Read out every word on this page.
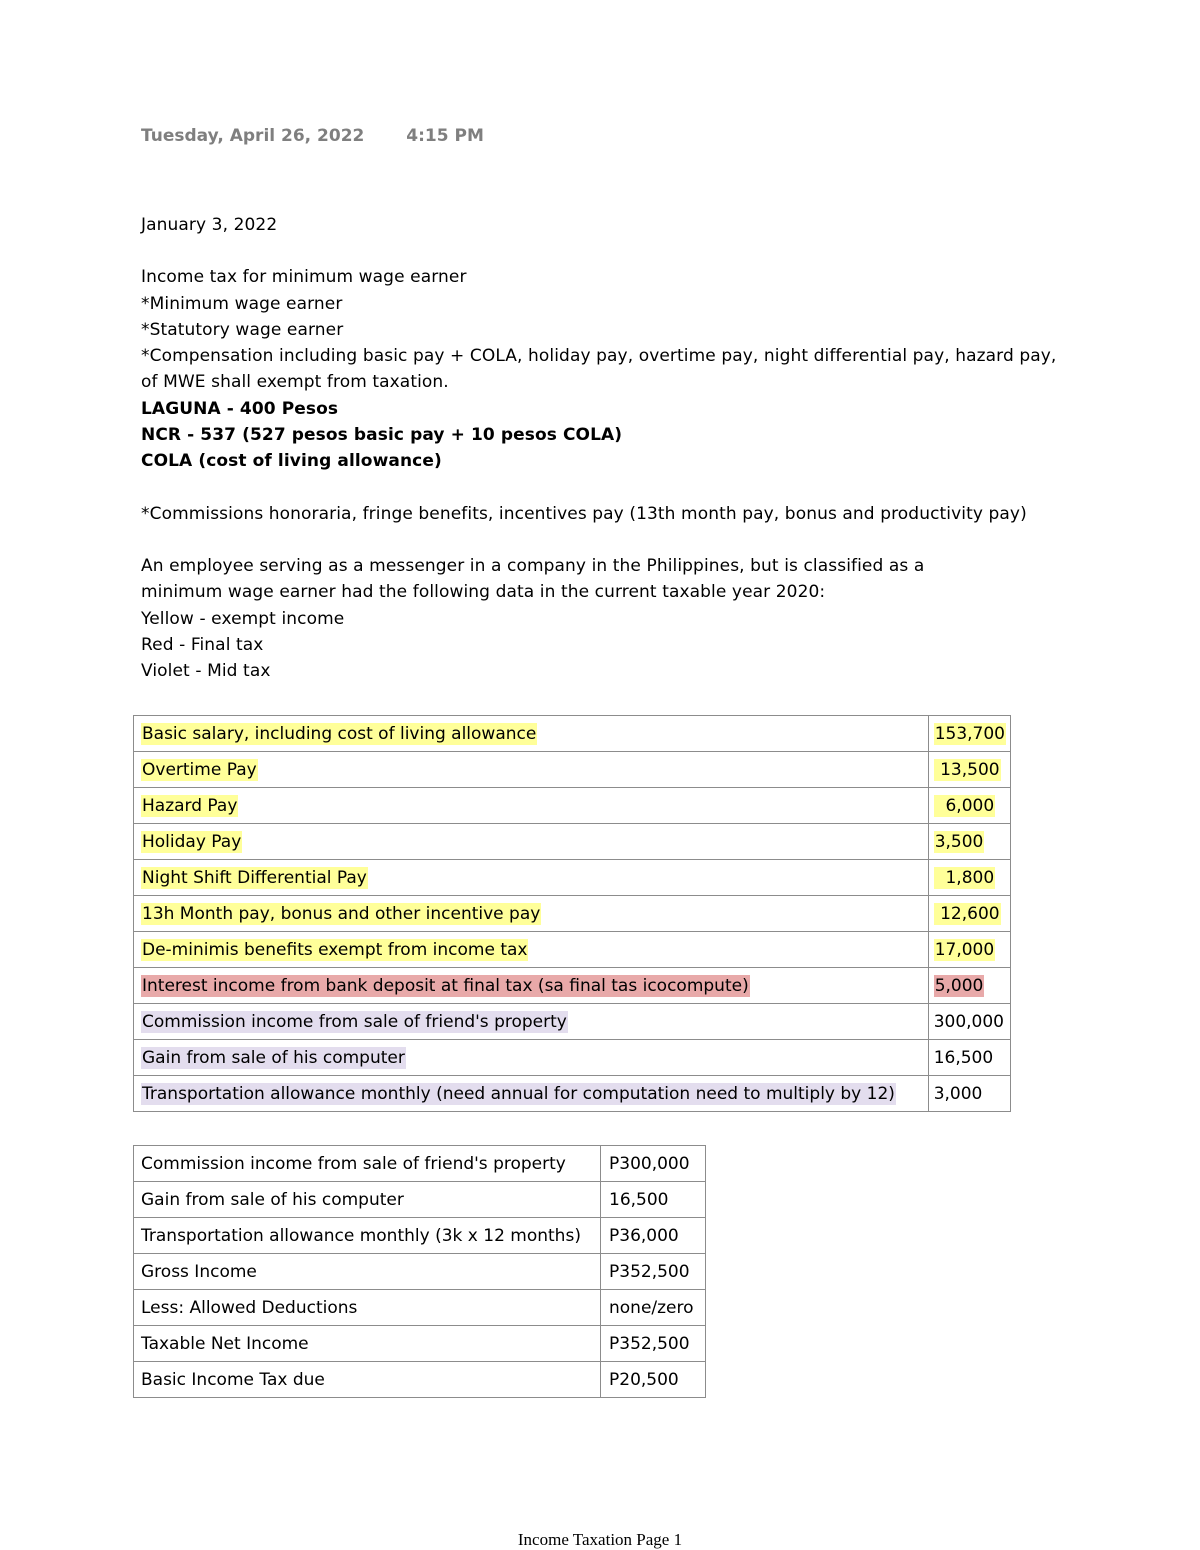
Tuesday, April 26, 2022 4:15 PM

January 3, 2022

Income tax for minimum wage earner

*Minimum wage earner

*Statutory wage earner

*Compensation including basic pay + COLA, holiday pay, overtime pay, night differential pay, hazard pay,

of MWE shall exempt from taxation.

LAGUNA - 400 Pesos

NCR - 537 (527 pesos basic pay + 10 pesos COLA)

COLA (cost of living allowance)

*Commissions honoraria, fringe benefits, incentives pay (13th month pay, bonus and productivity pay)

An employee serving as a messenger in a company in the Philippines, but is classified as a

minimum wage earner had the following data in the current taxable year 2020:

Yellow - exempt income

Red - Final tax

Violet - Mid tax

Basic salary, including cost of living allowance	153,700
Overtime Pay	13,500
Hazard Pay	6,000
Holiday Pay	3,500
Night Shift Differential Pay	1,800
13h Month pay, bonus and other incentive pay	12,600
De-minimis benefits exempt from income tax	17,000
Interest income from bank deposit at final tax (sa final tas icocompute)	5,000
Commission income from sale of friend's property	300,000
Gain from sale of his computer	16,500
Transportation allowance monthly (need annual for computation need to multiply by 12)	3,000
Commission income from sale of friend's property	P300,000
Gain from sale of his computer	16,500
Transportation allowance monthly (3k x 12 months)	P36,000
Gross Income	P352,500
Less: Allowed Deductions	none/zero
Taxable Net Income	P352,500
Basic Income Tax due	P20,500
Income Taxation Page 1
